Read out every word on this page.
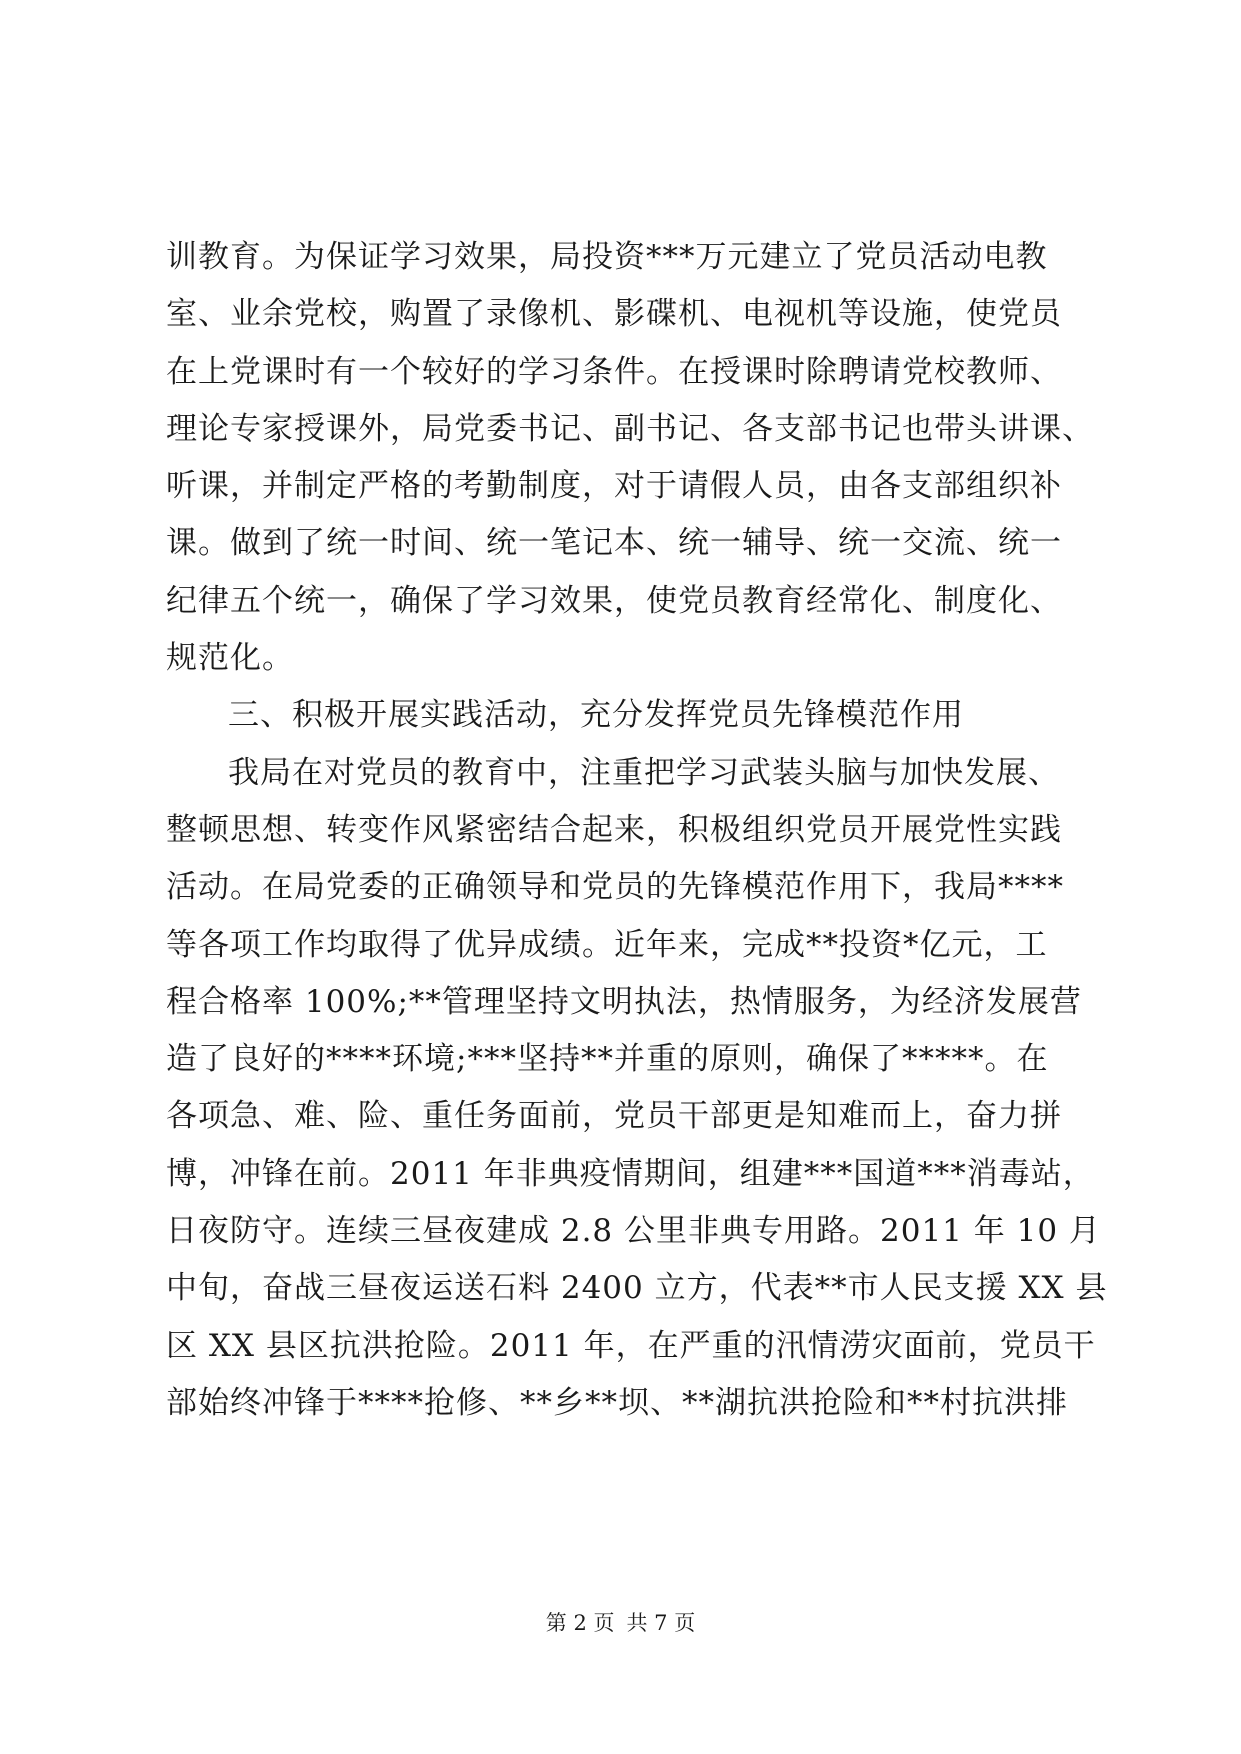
训教育。为保证学习效果，局投资***万元建立了党员活动电教
室、业余党校，购置了录像机、影碟机、电视机等设施，使党员
在上党课时有一个较好的学习条件。在授课时除聘请党校教师、
理论专家授课外，局党委书记、副书记、各支部书记也带头讲课、
听课，并制定严格的考勤制度，对于请假人员，由各支部组织补
课。做到了统一时间、统一笔记本、统一辅导、统一交流、统一
纪律五个统一，确保了学习效果，使党员教育经常化、制度化、
规范化。
三、积极开展实践活动，充分发挥党员先锋模范作用
我局在对党员的教育中，注重把学习武装头脑与加快发展、
整顿思想、转变作风紧密结合起来，积极组织党员开展党性实践
活动。在局党委的正确领导和党员的先锋模范作用下，我局****
等各项工作均取得了优异成绩。近年来，完成**投资*亿元，工
程合格率 100%;**管理坚持文明执法，热情服务，为经济发展营
造了良好的****环境;***坚持**并重的原则，确保了*****。在
各项急、难、险、重任务面前，党员干部更是知难而上，奋力拼
博，冲锋在前。2011 年非典疫情期间，组建***国道***消毒站，
日夜防守。连续三昼夜建成 2.8 公里非典专用路。2011 年 10 月
中旬，奋战三昼夜运送石料 2400 立方，代表**市人民支援 XX 县
区 XX 县区抗洪抢险。2011 年，在严重的汛情涝灾面前，党员干
部始终冲锋于****抢修、**乡**坝、**湖抗洪抢险和**村抗洪排
第 2 页 共 7 页
